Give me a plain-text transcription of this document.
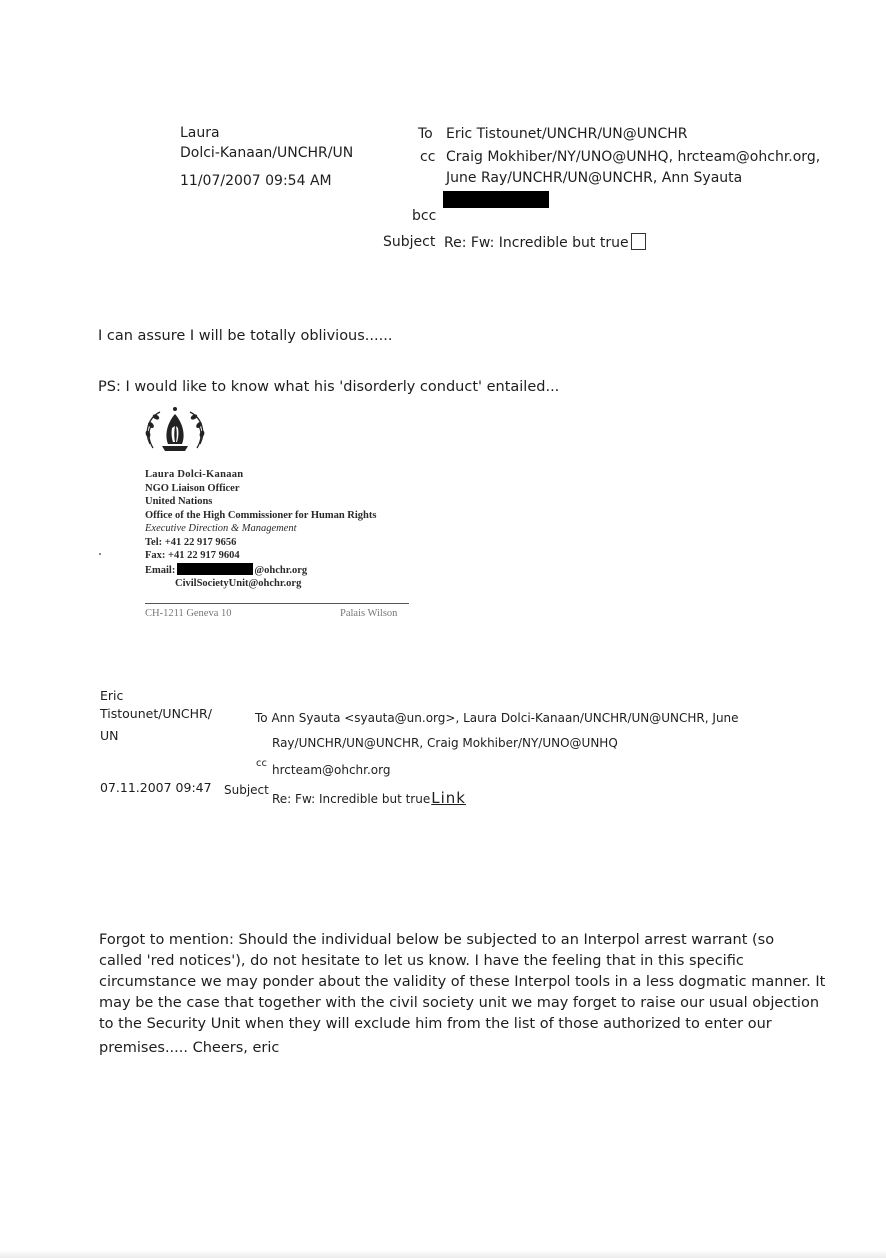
Laura
Dolci-Kanaan/UNCHR/UN
11/07/2007 09:54 AM
To Eric Tistounet/UNCHR/UN@UNCHR
cc Craig Mokhiber/NY/UNO@UNHQ, hrcteam@ohchr.org,
June Ray/UNCHR/UN@UNCHR, Ann Syauta
bcc
Subject Re: Fw: Incredible but true
I can assure I will be totally oblivious......
PS: I would like to know what his 'disorderly conduct' entailed...
Laura Dolci-Kanaan
NGO Liaison Officer
United Nations
Office of the High Commissioner for Human Rights
Executive Direction & Management
Tel: +41 22 917 9656
Fax: +41 22 917 9604
Email:	@ohchr.org
CivilSocietyUnit@ohchr.org
CH-1211 Geneva 10	Palais Wilson
Eric
Tistounet/UNCHR/
UN
07.11.2007 09:47
To Ann Syauta <syauta@un.org>, Laura Dolci-Kanaan/UNCHR/UN@UNCHR, June
Ray/UNCHR/UN@UNCHR, Craig Mokhiber/NY/UNO@UNHQ
cc hrcteam@ohchr.org
Subject
Re: Fw: Incredible but trueLink
Forgot to mention: Should the individual below be subjected to an Interpol arrest warrant (so
called 'red notices'), do not hesitate to let us know. I have the feeling that in this specific
circumstance we may ponder about the validity of these Interpol tools in a less dogmatic manner. It
may be the case that together with the civil society unit we may forget to raise our usual objection
to the Security Unit when they will exclude him from the list of those authorized to enter our
premises..... Cheers, eric
